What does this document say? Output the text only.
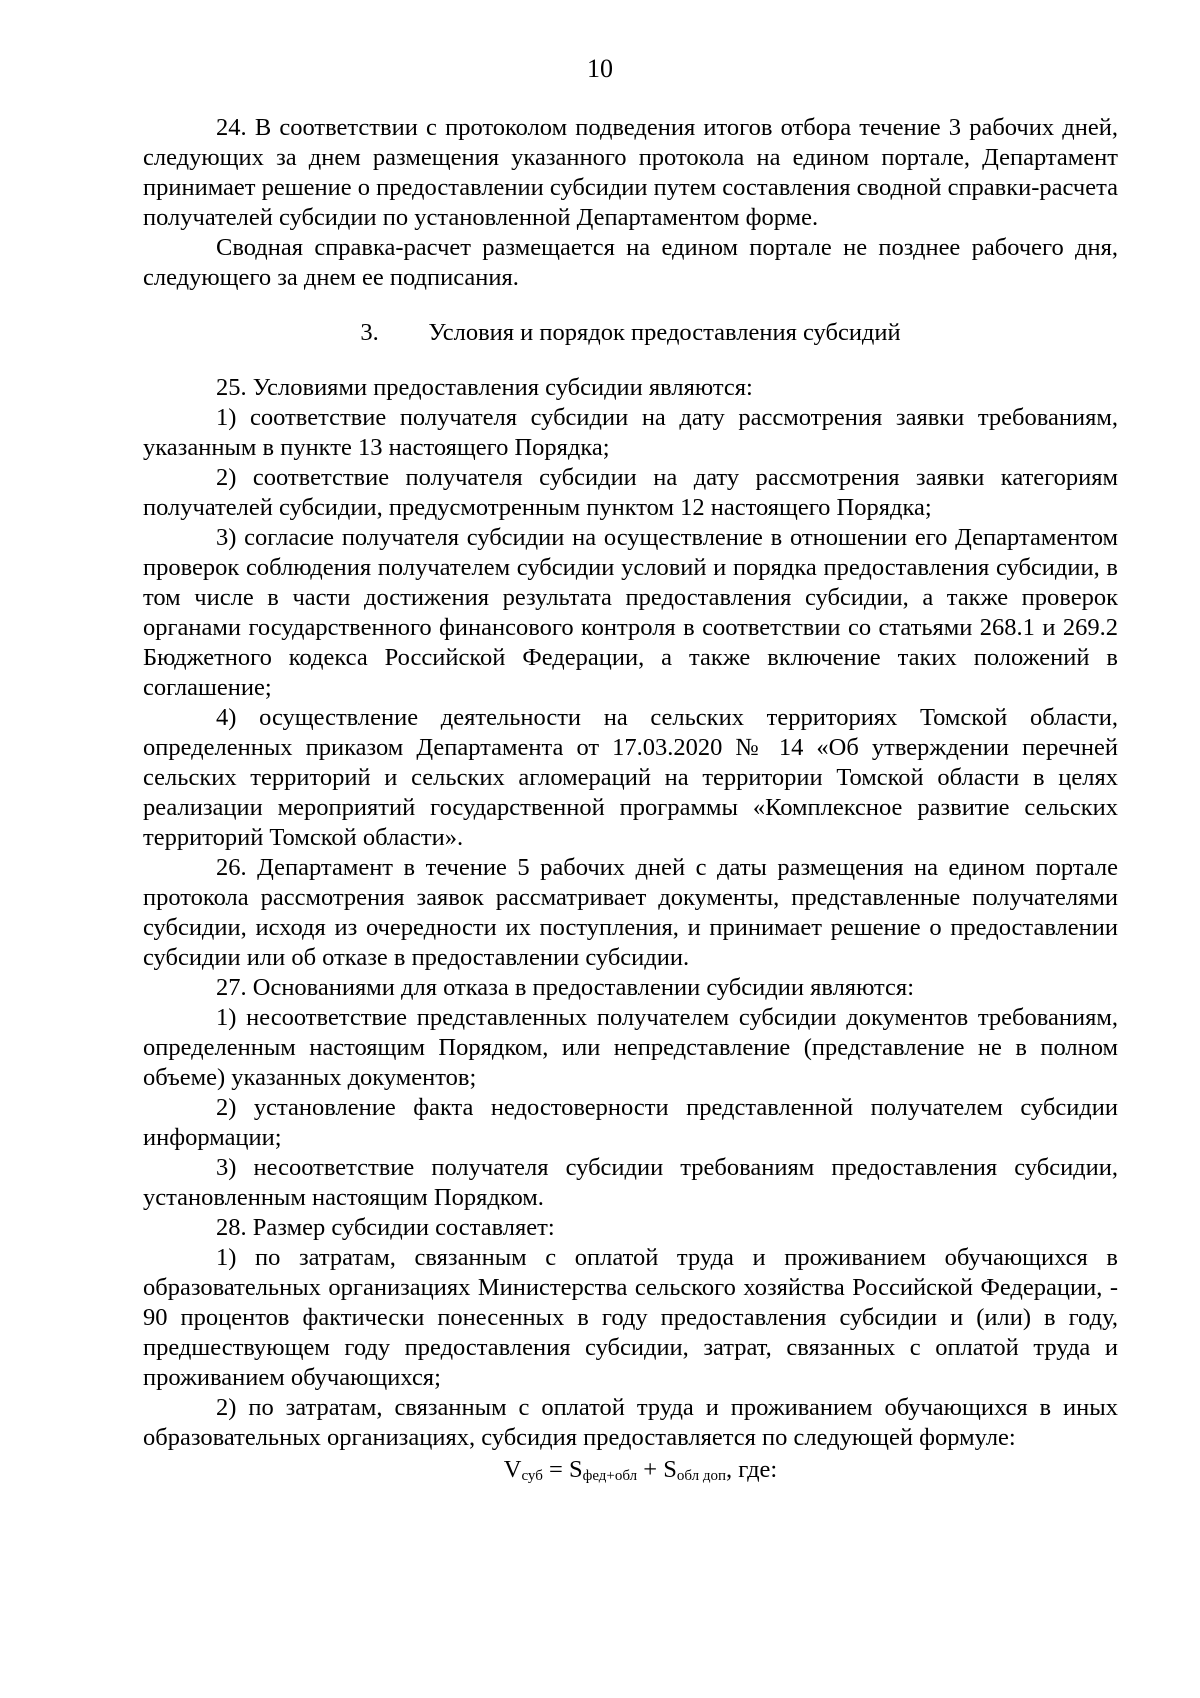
10

24. В соответствии с протоколом подведения итогов отбора течение 3 рабочих дней, следующих за днем размещения указанного протокола на едином портале, Департамент принимает решение о предоставлении субсидии путем составления сводной справки-расчета получателей субсидии по установленной Департаментом форме.

Сводная справка-расчет размещается на едином портале не позднее рабочего дня, следующего за днем ее подписания.

3. Условия и порядок предоставления субсидий

25. Условиями предоставления субсидии являются:

1) соответствие получателя субсидии на дату рассмотрения заявки требованиям, указанным в пункте 13 настоящего Порядка;

2) соответствие получателя субсидии на дату рассмотрения заявки категориям получателей субсидии, предусмотренным пунктом 12 настоящего Порядка;

3) согласие получателя субсидии на осуществление в отношении его Департаментом проверок соблюдения получателем субсидии условий и порядка предоставления субсидии, в том числе в части достижения результата предоставления субсидии, а также проверок органами государственного финансового контроля в соответствии со статьями 268.1 и 269.2 Бюджетного кодекса Российской Федерации, а также включение таких положений в соглашение;

4) осуществление деятельности на сельских территориях Томской области, определенных приказом Департамента от 17.03.2020 № 14 «Об утверждении перечней сельских территорий и сельских агломераций на территории Томской области в целях реализации мероприятий государственной программы «Комплексное развитие сельских территорий Томской области».

26. Департамент в течение 5 рабочих дней с даты размещения на едином портале протокола рассмотрения заявок рассматривает документы, представленные получателями субсидии, исходя из очередности их поступления, и принимает решение о предоставлении субсидии или об отказе в предоставлении субсидии.

27. Основаниями для отказа в предоставлении субсидии являются:

1) несоответствие представленных получателем субсидии документов требованиям, определенным настоящим Порядком, или непредставление (представление не в полном объеме) указанных документов;

2) установление факта недостоверности представленной получателем субсидии информации;

3) несоответствие получателя субсидии требованиям предоставления субсидии, установленным настоящим Порядком.

28. Размер субсидии составляет:

1) по затратам, связанным с оплатой труда и проживанием обучающихся в образовательных организациях Министерства сельского хозяйства Российской Федерации, - 90 процентов фактически понесенных в году предоставления субсидии и (или) в году, предшествующем году предоставления субсидии, затрат, связанных с оплатой труда и проживанием обучающихся;

2) по затратам, связанным с оплатой труда и проживанием обучающихся в иных образовательных организациях, субсидия предоставляется по следующей формуле:

$V_{суб} = S_{фед+обл} + S_{обл доп}$, где:
